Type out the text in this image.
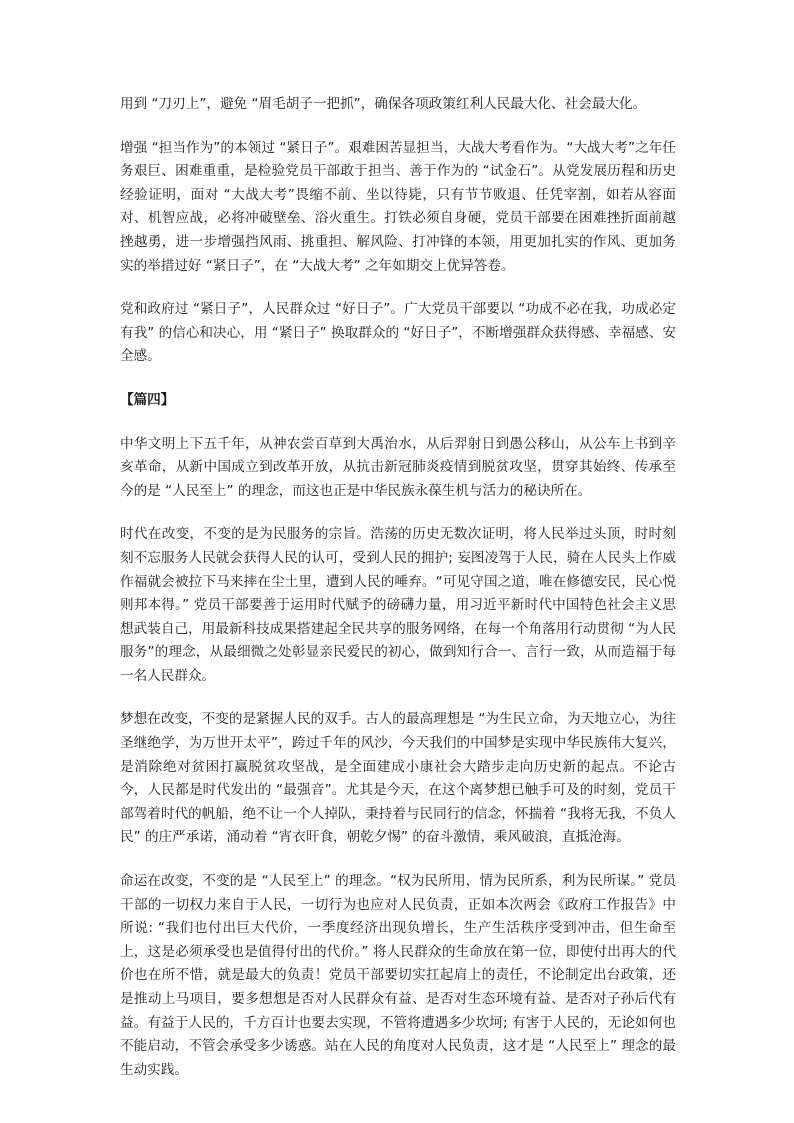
用到 “刀刃上”，避免 “眉毛胡子一把抓”，确保各项政策红利人民最大化、社会最大化。

增强 “担当作为”的本领过 “紧日子”。艰难困苦显担当，大战大考看作为。“大战大考”之年任务艰巨、困难重重，是检验党员干部敢于担当、善于作为的 “试金石”。从党发展历程和历史经验证明，面对 “大战大考”畏缩不前、坐以待毙，只有节节败退、任凭宰割，如若从容面对、机智应战，必将冲破壁垒、浴火重生。打铁必须自身硬，党员干部要在困难挫折面前越挫越勇，进一步增强挡风雨、挑重担、解风险、打冲锋的本领，用更加扎实的作风、更加务实的举措过好 “紧日子”，在 “大战大考” 之年如期交上优异答卷。

党和政府过 “紧日子”，人民群众过 “好日子”。广大党员干部要以 “功成不必在我，功成必定有我” 的信心和决心，用 “紧日子” 换取群众的 “好日子”，不断增强群众获得感、幸福感、安全感。

【篇四】

中华文明上下五千年，从神农尝百草到大禹治水，从后羿射日到愚公移山，从公车上书到辛亥革命，从新中国成立到改革开放，从抗击新冠肺炎疫情到脱贫攻坚，贯穿其始终、传承至今的是 “人民至上” 的理念，而这也正是中华民族永葆生机与活力的秘诀所在。

时代在改变，不变的是为民服务的宗旨。浩荡的历史无数次证明，将人民举过头顶，时时刻刻不忘服务人民就会获得人民的认可，受到人民的拥护; 妄图凌驾于人民，骑在人民头上作威作福就会被拉下马来摔在尘土里，遭到人民的唾弃。“可见守国之道，唯在修德安民，民心悦则邦本得。” 党员干部要善于运用时代赋予的磅礴力量，用习近平新时代中国特色社会主义思想武装自己，用最新科技成果搭建起全民共享的服务网络，在每一个角落用行动贯彻 “为人民服务”的理念，从最细微之处彰显亲民爱民的初心，做到知行合一、言行一致，从而造福于每一名人民群众。

梦想在改变，不变的是紧握人民的双手。古人的最高理想是 “为生民立命，为天地立心，为往圣继绝学，为万世开太平”，跨过千年的风沙，今天我们的中国梦是实现中华民族伟大复兴，是消除绝对贫困打赢脱贫攻坚战，是全面建成小康社会大踏步走向历史新的起点。不论古今，人民都是时代发出的 “最强音”。尤其是今天，在这个离梦想已触手可及的时刻，党员干部驾着时代的帆船，绝不让一个人掉队，秉持着与民同行的信念，怀揣着 “我将无我，不负人民” 的庄严承诺，涌动着 “宵衣旰食，朝乾夕惕” 的奋斗激情，乘风破浪，直抵沧海。

命运在改变，不变的是 “人民至上” 的理念。“权为民所用，情为民所系，利为民所谋。” 党员干部的一切权力来自于人民，一切行为也应对人民负责，正如本次两会《政府工作报告》中所说: “我们也付出巨大代价，一季度经济出现负增长，生产生活秩序受到冲击，但生命至上，这是必须承受也是值得付出的代价。” 将人民群众的生命放在第一位，即使付出再大的代价也在所不惜，就是最大的负责！党员干部要切实扛起肩上的责任，不论制定出台政策，还是推动上马项目，要多想想是否对人民群众有益、是否对生态环境有益、是否对子孙后代有益。有益于人民的，千方百计也要去实现，不管将遭遇多少坎坷; 有害于人民的，无论如何也不能启动，不管会承受多少诱惑。站在人民的角度对人民负责，这才是 “人民至上” 理念的最生动实践。
